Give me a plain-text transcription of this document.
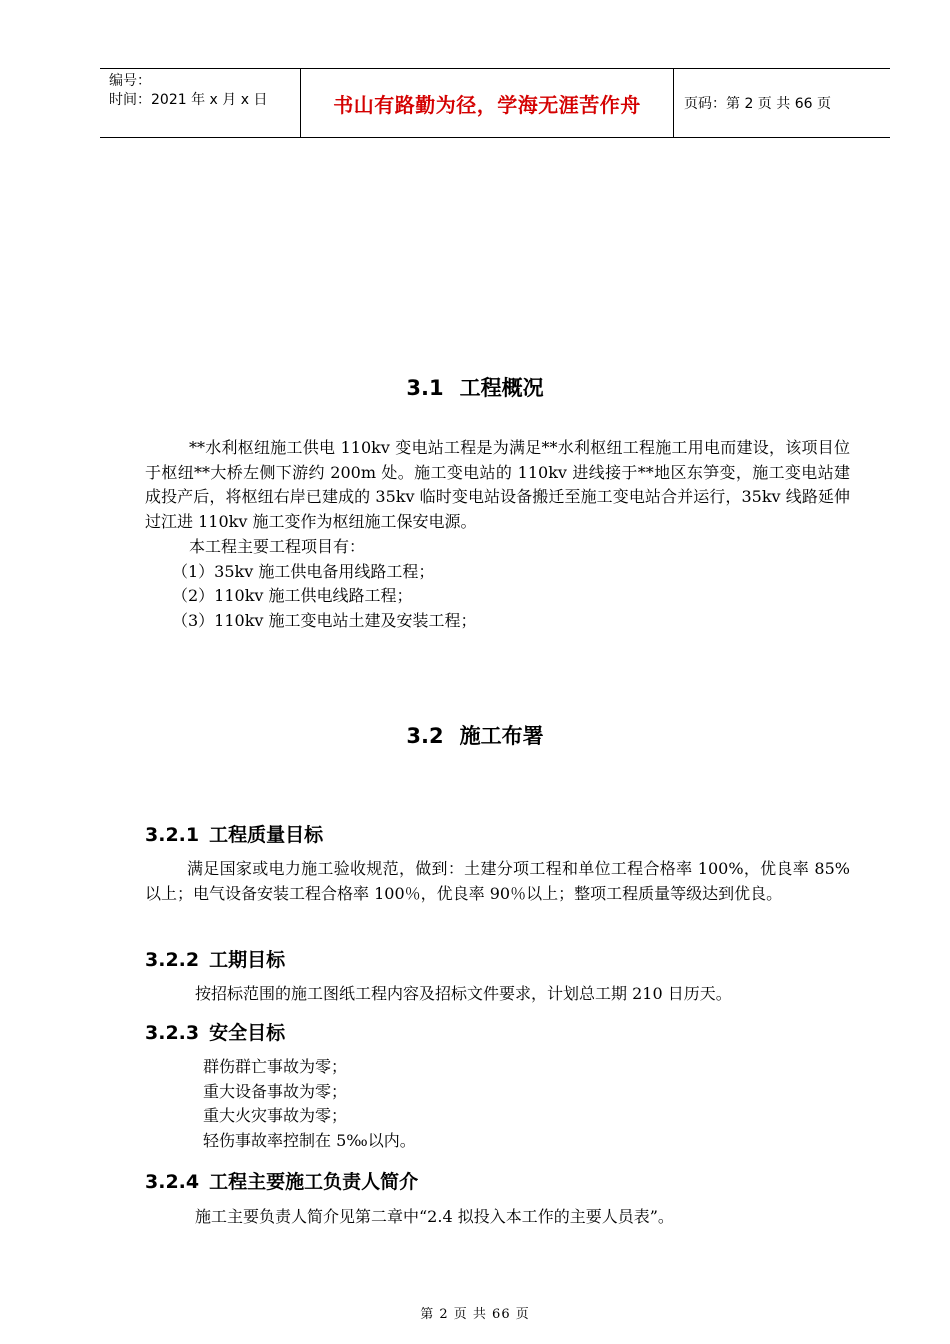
编号：
时间：2021 年 x 月 x 日	书山有路勤为径，学海无涯苦作舟	页码：第 2 页 共 66 页
3.1 工程概况
**水利枢纽施工供电 110kv 变电站工程是为满足**水利枢纽工程施工用电而建设，该项目位于枢纽**大桥左侧下游约 200m 处。施工变电站的 110kv 进线接于**地区东笋变，施工变电站建成投产后，将枢纽右岸已建成的 35kv 临时变电站设备搬迁至施工变电站合并运行，35kv 线路延伸过江进 110kv 施工变作为枢纽施工保安电源。
本工程主要工程项目有：
（1）35kv 施工供电备用线路工程；
（2）110kv 施工供电线路工程；
（3）110kv 施工变电站土建及安装工程；
3.2 施工布署
3.2.1 工程质量目标
满足国家或电力施工验收规范，做到：土建分项工程和单位工程合格率 100%，优良率 85%以上；电气设备安装工程合格率 100％，优良率 90％以上；整项工程质量等级达到优良。
3.2.2 工期目标
按招标范围的施工图纸工程内容及招标文件要求，计划总工期 210 日历天。
3.2.3 安全目标
群伤群亡事故为零；
重大设备事故为零；
重大火灾事故为零；
轻伤事故率控制在 5‰以内。
3.2.4 工程主要施工负责人简介
施工主要负责人简介见第二章中“2.4 拟投入本工作的主要人员表”。
第 2 页 共 66 页
